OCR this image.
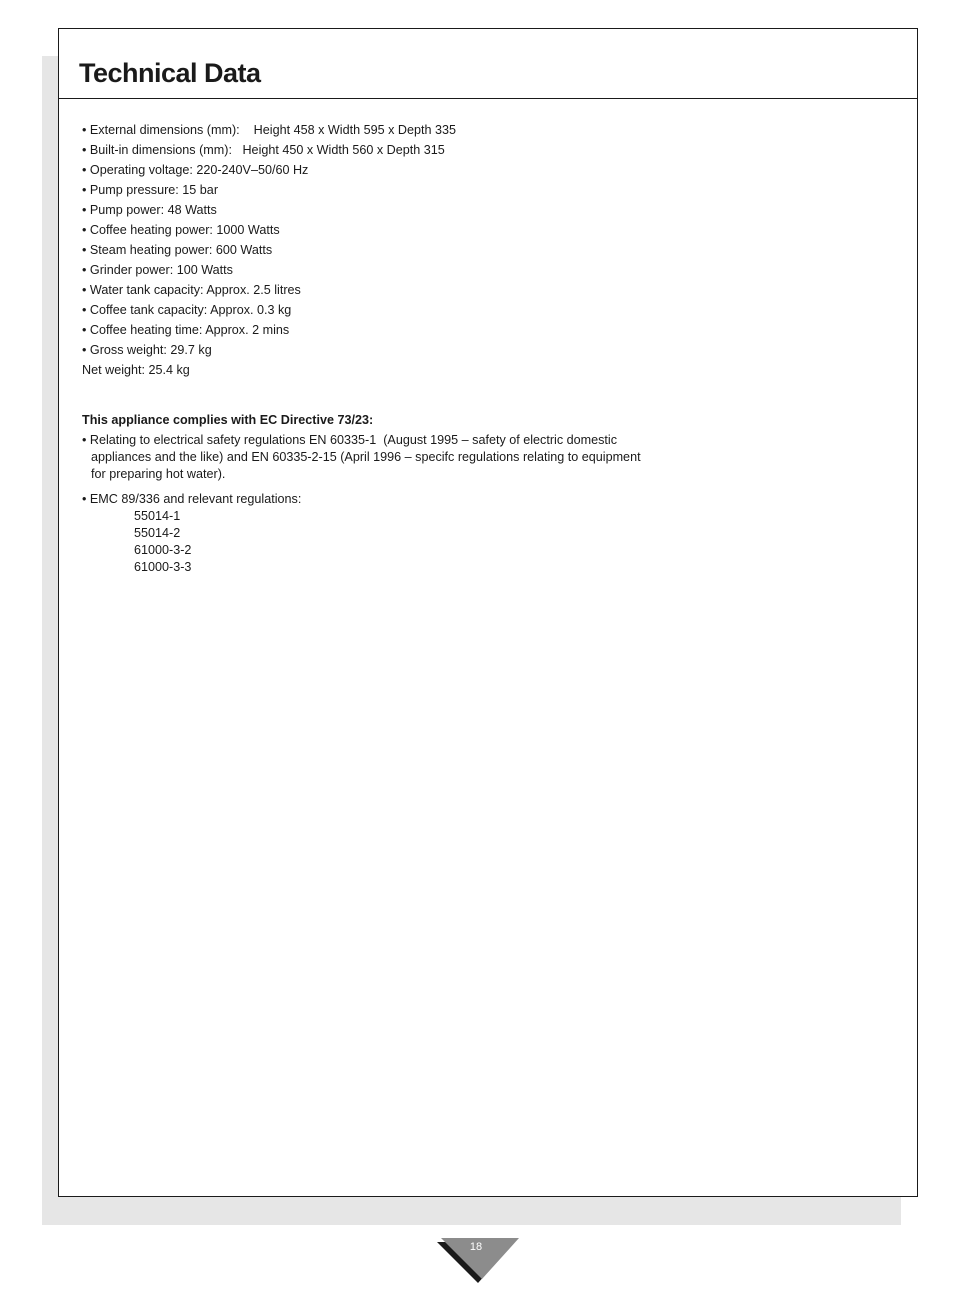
Technical Data
• External dimensions (mm):    Height 458 x Width 595 x Depth 335
• Built-in dimensions (mm):   Height 450 x Width 560 x Depth 315
• Operating voltage: 220-240V–50/60 Hz
• Pump pressure: 15 bar
• Pump power: 48 Watts
• Coffee heating power: 1000 Watts
• Steam heating power: 600 Watts
• Grinder power: 100 Watts
• Water tank capacity: Approx. 2.5 litres
• Coffee tank capacity: Approx. 0.3 kg
• Coffee heating time: Approx. 2 mins
• Gross weight: 29.7 kg
Net weight: 25.4 kg

This appliance complies with EC Directive 73/23:

• Relating to electrical safety regulations EN 60335-1  (August 1995 – safety of electric domestic
appliances and the like) and EN 60335-2-15 (April 1996 – specifc regulations relating to equipment
for preparing hot water).

• EMC 89/336 and relevant regulations:

55014-1
55014-2
61000-3-2
61000-3-3
18
